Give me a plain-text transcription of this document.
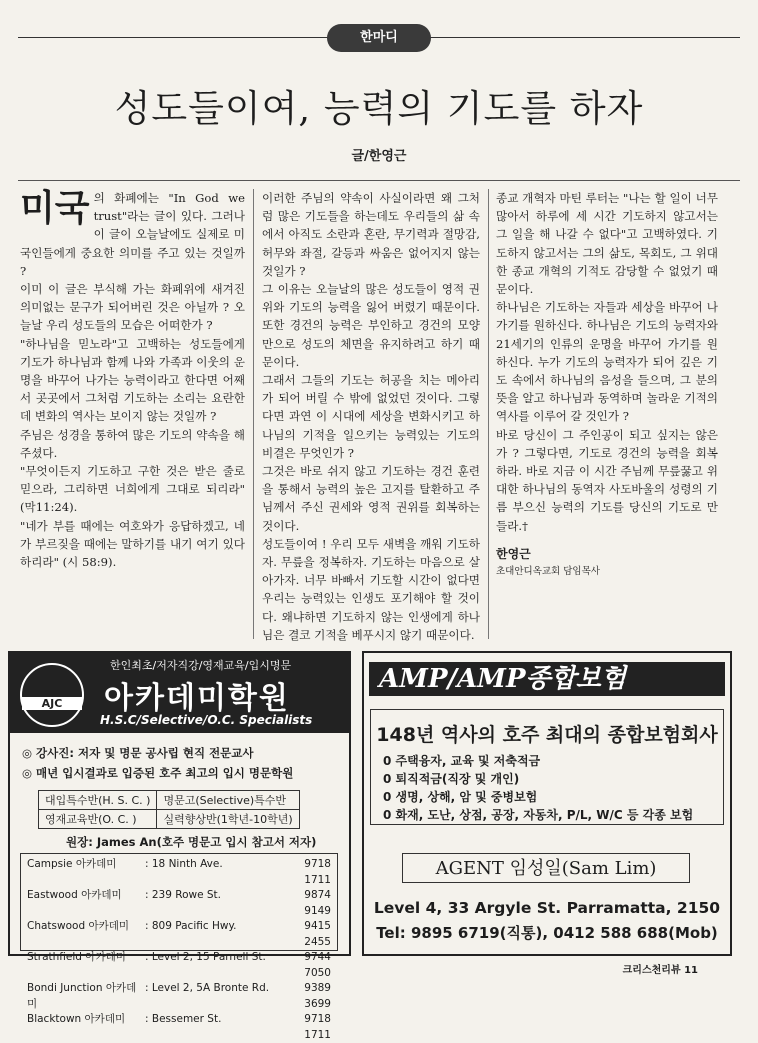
한마디
성도들이여, 능력의 기도를 하자
글/한영근

미국 의 화폐에는 "In God we trust"라는 글이 있다. 그러나 이 글이 오늘날에도 실제로 미국인들에게 중요한 의미를 주고 있는 것일까 ?

이미 이 글은 부식해 가는 화폐위에 새겨진 의미없는 문구가 되어버린 것은 아닐까 ? 오늘날 우리 성도들의 모습은 어떠한가 ?

"하나님을 믿노라"고 고백하는 성도들에게 기도가 하나님과 함께 나와 가족과 이웃의 운명을 바꾸어 나가는 능력이라고 한다면 어째서 곳곳에서 그처럼 기도하는 소리는 요란한데 변화의 역사는 보이지 않는 것일까 ?

주님은 성경을 통하여 많은 기도의 약속을 해 주셨다.

"무엇이든지 기도하고 구한 것은 받은 줄로 믿으라, 그리하면 너희에게 그대로 되리라"(막11:24).

"네가 부를 때에는 여호와가 응답하겠고, 네가 부르짖을 때에는 말하기를 내기 여기 있다하리라" (시 58:9).

이러한 주님의 약속이 사실이라면 왜 그처럼 많은 기도들을 하는데도 우리들의 삶 속에서 아직도 소란과 혼란, 무기력과 절망감, 허무와 좌절, 갈등과 싸움은 없어지지 않는 것일가 ?

그 이유는 오늘날의 많은 성도들이 영적 권위와 기도의 능력을 잃어 버렸기 때문이다. 또한 경건의 능력은 부인하고 경건의 모양만으로 성도의 체면을 유지하려고 하기 때문이다.

그래서 그들의 기도는 허공을 치는 메아리가 되어 버릴 수 밖에 없었던 것이다. 그렇다면 과연 이 시대에 세상을 변화시키고 하나님의 기적을 일으키는 능력있는 기도의 비결은 무엇인가 ?

그것은 바로 쉬지 않고 기도하는 경건 훈련을 통해서 능력의 높은 고지를 탈환하고 주님께서 주신 권세와 영적 권위를 회복하는 것이다.

성도들이여 ! 우리 모두 새벽을 깨워 기도하자. 무릎을 정복하자. 기도하는 마음으로 살아가자. 너무 바빠서 기도할 시간이 없다면 우리는 능력있는 인생도 포기해야 할 것이다. 왜냐하면 기도하지 않는 인생에게 하나님은 결코 기적을 베푸시지 않기 때문이다.

종교 개혁자 마틴 루터는 "나는 할 일이 너무 많아서 하루에 세 시간 기도하지 않고서는 그 일을 해 나갈 수 없다"고 고백하였다. 기도하지 않고서는 그의 삶도, 목회도, 그 위대한 종교 개혁의 기적도 감당할 수 없었기 때문이다.

하나님은 기도하는 자들과 세상을 바꾸어 나가기를 원하신다. 하나님은 기도의 능력자와 21세기의 인류의 운명을 바꾸어 가기를 원하신다. 누가 기도의 능력자가 되어 깊은 기도 속에서 하나님의 음성을 들으며, 그 분의 뜻을 알고 하나님과 동역하며 놀라운 기적의 역사를 이루어 갈 것인가 ?

바로 당신이 그 주인공이 되고 싶지는 않은가 ? 그렇다면, 기도로 경건의 능력을 회복하라. 바로 지금 이 시간 주님께 무릎꿇고 위대한 하나님의 동역자 사도바울의 성령의 기름 부으신 능력의 기도를 당신의 기도로 만들라.†

한영근

초대안디옥교회 담임목사

AJC
한인최초/저자직강/영재교육/입시명문
아카데미학원
H.S.C/Selective/O.C. Specialists
◎ 강사진: 저자 및 명문 공사립 현직 전문교사
◎ 매년 입시결과로 입증된 호주 최고의 입시 명문학원
대입특수반(H. S. C. )	명문고(Selective)특수반
영재교육반(O. C. )	실력향상반(1학년-10학년)
원장: James An(호주 명문고 입시 참고서 저자)
Campsie 아카데미	: 18 Ninth Ave.	9718 1711
Eastwood 아카데미	: 239 Rowe St.	9874 9149
Chatswood 아카데미	: 809 Pacific Hwy.	9415 2455
Strathfield 아카데미	: Level 2, 15 Parnell St.	9744 7050
Bondi Junction 아카데미
: Level 2, 5A Bronte Rd.	9389 3699
Blacktown 아카데미	: Bessemer St.	9718 1711
AMP/AMP종합보험
148년 역사의 호주 최대의 종합보험회사
0 주택융자, 교육 및 저축적금
0 퇴직적금(직장 및 개인)
0 생명, 상해, 암 및 중병보험
0 화재, 도난, 상점, 공장, 자동차, P/L, W/C 등 각종 보험
AGENT 임성일(Sam Lim)
Level 4, 33 Argyle St. Parramatta, 2150
Tel: 9895 6719(직통), 0412 588 688(Mob)
크리스천리뷰 11
